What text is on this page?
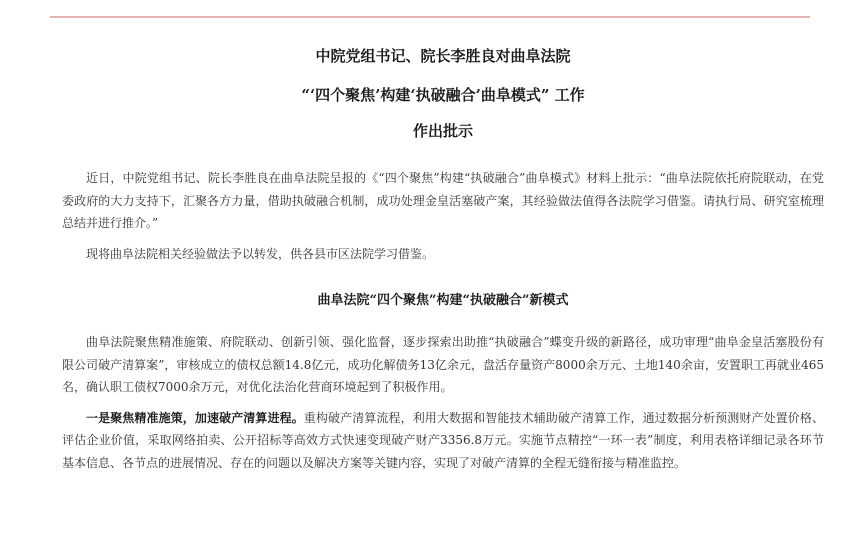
中院党组书记、院长李胜良对曲阜法院
“‘四个聚焦’构建‘执破融合’曲阜模式” 工作
作出批示

近日，中院党组书记、院长李胜良在曲阜法院呈报的《“四个聚焦”构建“执破融合”曲阜模式》材料上批示：“曲阜法院依托府院联动，在党委政府的大力支持下，汇聚各方力量，借助执破融合机制，成功处理金皇活塞破产案，其经验做法值得各法院学习借鉴。请执行局、研究室梳理总结并进行推介。”

现将曲阜法院相关经验做法予以转发，供各县市区法院学习借鉴。

曲阜法院“四个聚焦”构建“执破融合”新模式

曲阜法院聚焦精准施策、府院联动、创新引领、强化监督，逐步探索出助推“执破融合”蝶变升级的新路径，成功审理“曲阜金皇活塞股份有限公司破产清算案”，审核成立的债权总额14.8亿元，成功化解债务13亿余元，盘活存量资产8000余万元、土地140余亩，安置职工再就业465名，确认职工债权7000余万元，对优化法治化营商环境起到了积极作用。

一是聚焦精准施策，加速破产清算进程。重构破产清算流程，利用大数据和智能技术辅助破产清算工作，通过数据分析预测财产处置价格、评估企业价值，采取网络拍卖、公开招标等高效方式快速变现破产财产3356.8万元。实施节点精控“一环一表”制度，利用表格详细记录各环节基本信息、各节点的进展情况、存在的问题以及解决方案等关键内容，实现了对破产清算的全程无缝衔接与精准监控。
